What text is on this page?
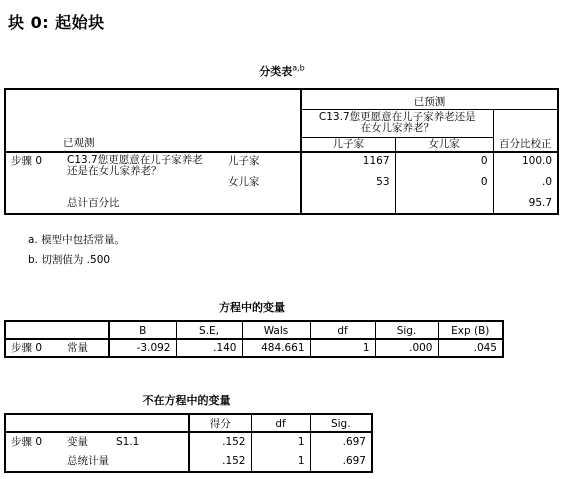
块 0: 起始块
分类表$^{a,b}$
已观测			已预测		
			C13.7您更愿意在儿子家养老还是在女儿家养老？		百分比校正
			儿子家	女儿家	
步骤 0	C13.7您更愿意在儿子家养老还是在女儿家养老？	儿子家	1167	0	100.0
		女儿家	53	0	.0
	总计百分比				95.7
a. 模型中包括常量。
b. 切割值为 .500
方程中的变量
		B	S.E,	Wals	df	Sig.	Exp (B)
步骤 0	常量	-3.092	.140	484.661	1	.000	.045
不在方程中的变量
			得分	df	Sig.
步骤 0	变量	S1.1	.152	1	.697
	总统计量		.152	1	.697
